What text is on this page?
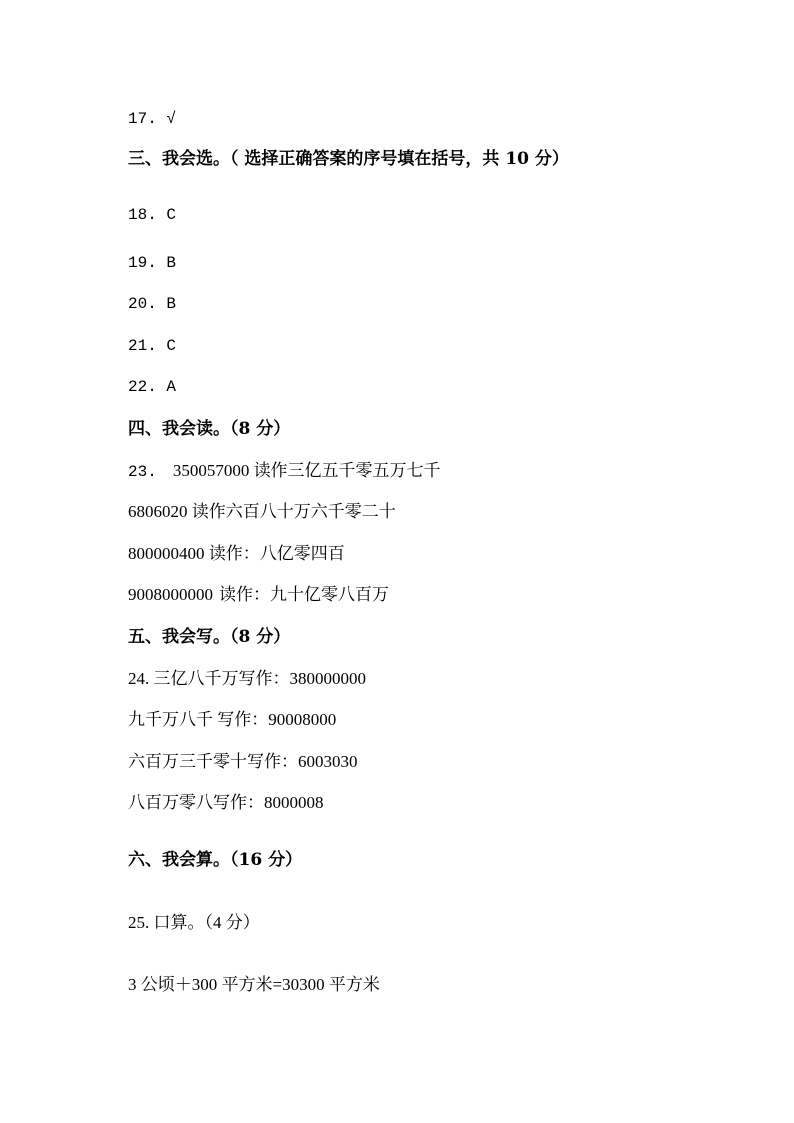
17. √
三、我会选。（ 选择正确答案的序号填在括号，共 10 分）
18. C
19. B
20. B
21. C
22. A
四、我会读。（8 分）
23. 350057000 读作三亿五千零五万七千
6806020 读作六百八十万六千零二十
800000400 读作：八亿零四百
9008000000 读作：九十亿零八百万
五、我会写。（8 分）
24. 三亿八千万写作：380000000
九千万八千 写作：90008000
六百万三千零十写作：6003030
八百万零八写作：8000008
六、我会算。（16 分）
25. 口算。（4 分）
3 公顷＋300 平方米=30300 平方米
